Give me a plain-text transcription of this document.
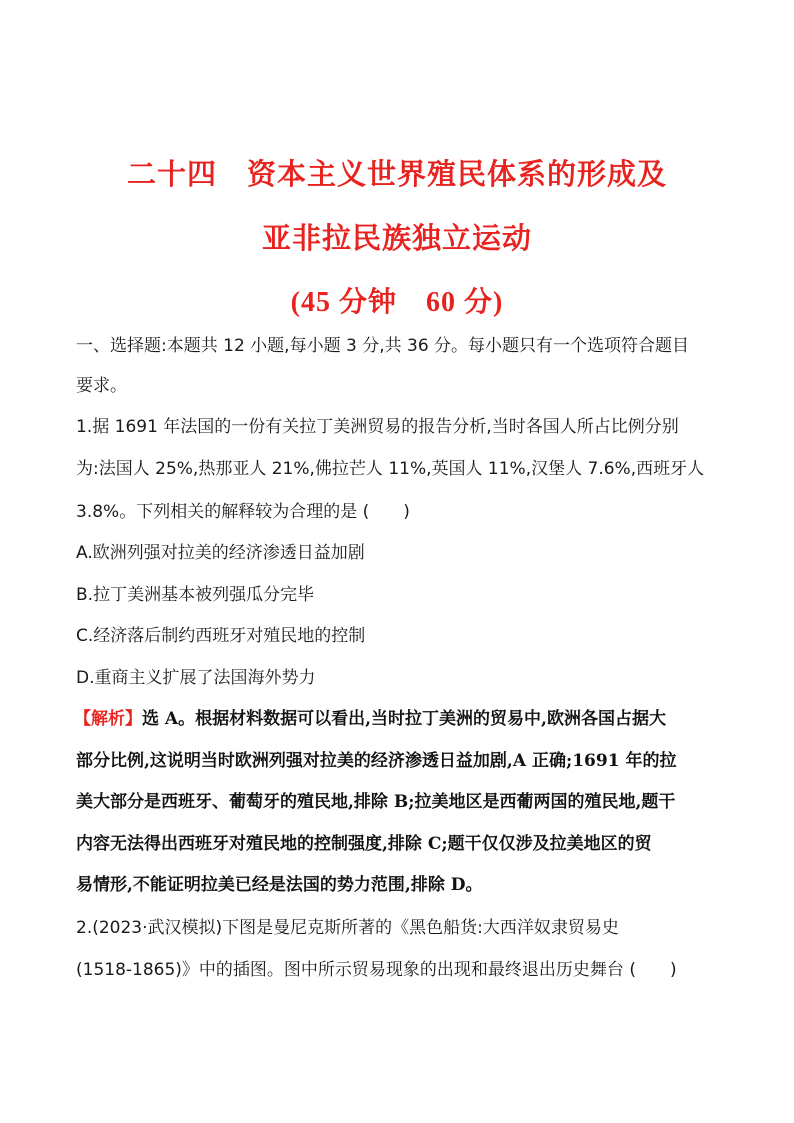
二十四　资本主义世界殖民体系的形成及
亚非拉民族独立运动
(45 分钟　60 分)
一、选择题:本题共 12 小题,每小题 3 分,共 36 分。每小题只有一个选项符合题目
要求。
1.据 1691 年法国的一份有关拉丁美洲贸易的报告分析,当时各国人所占比例分别
为:法国人 25%,热那亚人 21%,佛拉芒人 11%,英国人 11%,汉堡人 7.6%,西班牙人
3.8%。下列相关的解释较为合理的是 (　　)
A.欧洲列强对拉美的经济渗透日益加剧
B.拉丁美洲基本被列强瓜分完毕
C.经济落后制约西班牙对殖民地的控制
D.重商主义扩展了法国海外势力
【解析】选 A。根据材料数据可以看出,当时拉丁美洲的贸易中,欧洲各国占据大
部分比例,这说明当时欧洲列强对拉美的经济渗透日益加剧,A 正确;1691 年的拉
美大部分是西班牙、葡萄牙的殖民地,排除 B;拉美地区是西葡两国的殖民地,题干
内容无法得出西班牙对殖民地的控制强度,排除 C;题干仅仅涉及拉美地区的贸
易情形,不能证明拉美已经是法国的势力范围,排除 D。
2.(2023·武汉模拟)下图是曼尼克斯所著的《黑色船货:大西洋奴隶贸易史
(1518-1865)》中的插图。图中所示贸易现象的出现和最终退出历史舞台 (　　)
